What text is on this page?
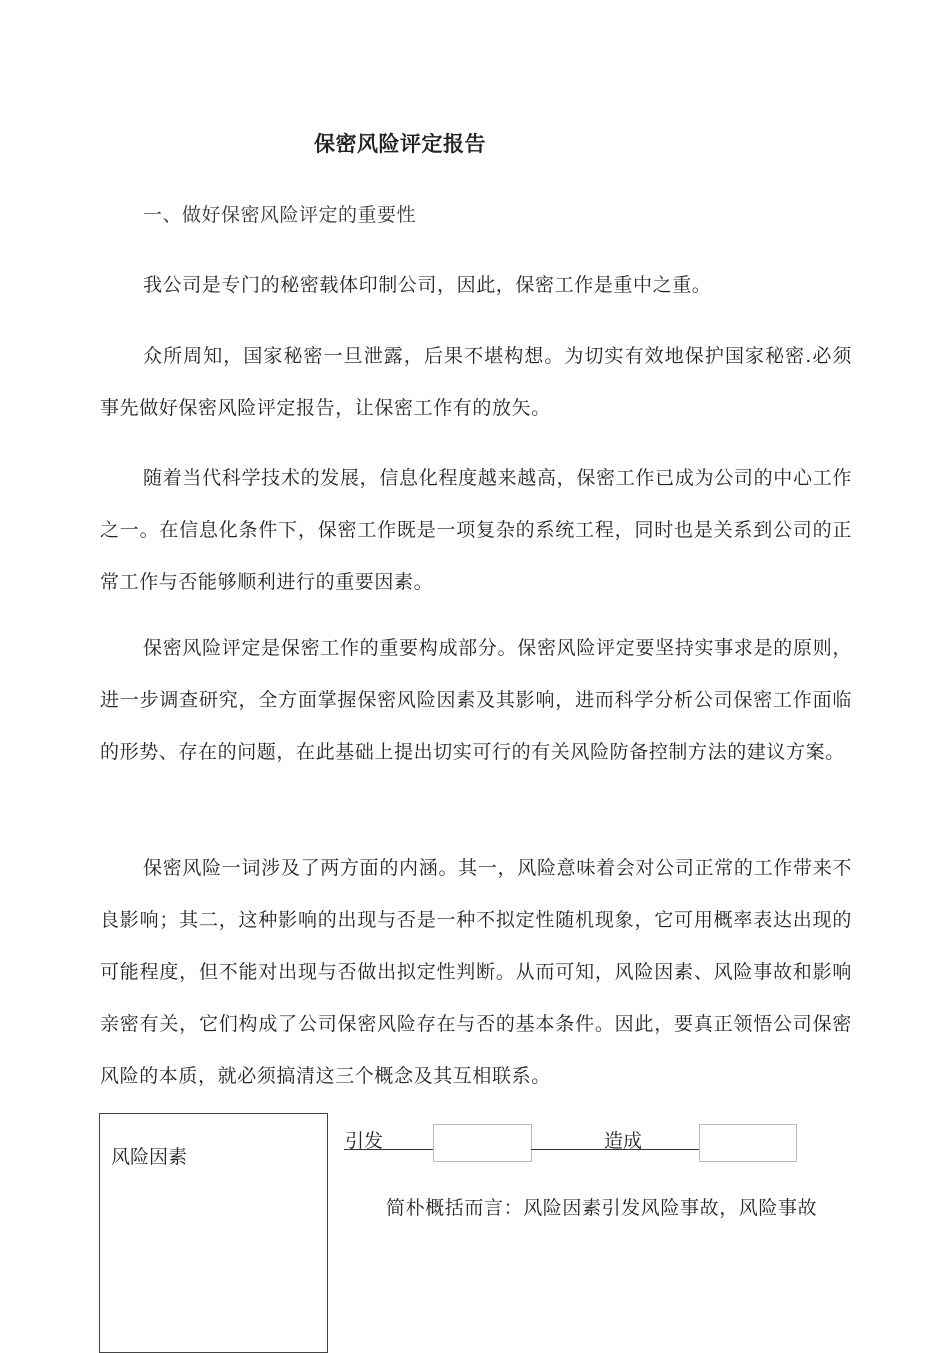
保密风险评定报告
一、做好保密风险评定的重要性

我公司是专门的秘密载体印制公司，因此，保密工作是重中之重。

众所周知，国家秘密一旦泄露，后果不堪构想。为切实有效地保护国家秘密.必须事先做好保密风险评定报告，让保密工作有的放矢。

随着当代科学技术的发展，信息化程度越来越高，保密工作已成为公司的中心工作之一。在信息化条件下，保密工作既是一项复杂的系统工程，同时也是关系到公司的正常工作与否能够顺利进行的重要因素。

保密风险评定是保密工作的重要构成部分。保密风险评定要坚持实事求是的原则，进一步调查研究，全方面掌握保密风险因素及其影响，进而科学分析公司保密工作面临的形势、存在的问题，在此基础上提出切实可行的有关风险防备控制方法的建议方案。

保密风险一词涉及了两方面的内涵。其一，风险意味着会对公司正常的工作带来不良影响；其二，这种影响的出现与否是一种不拟定性随机现象，它可用概率表达出现的可能程度，但不能对出现与否做出拟定性判断。从而可知，风险因素、风险事故和影响亲密有关，它们构成了公司保密风险存在与否的基本条件。因此，要真正领悟公司保密风险的本质，就必须搞清这三个概念及其互相联系。

风险因素
引发	造成
简朴概括而言：风险因素引发风险事故，风险事故
